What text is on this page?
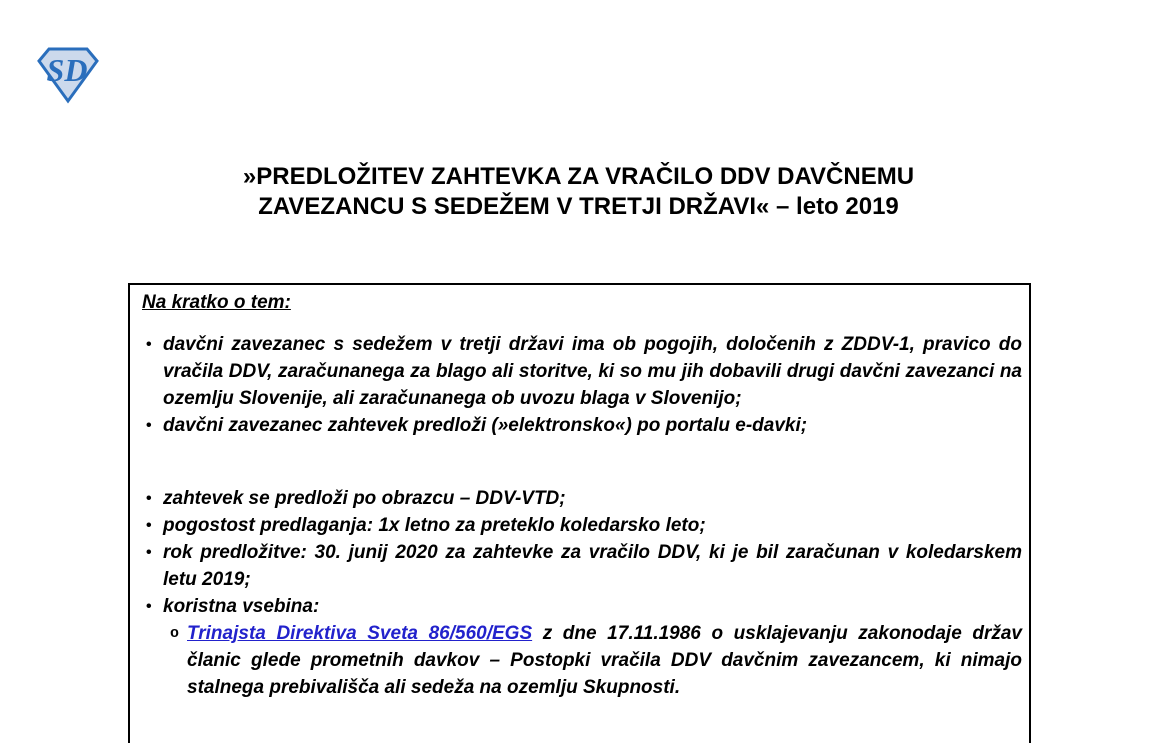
SD
»PREDLOŽITEV ZAHTEVKA ZA VRAČILO DDV DAVČNEMU
ZAVEZANCU S SEDEŽEM V TRETJI DRŽAVI« – leto 2019
Na kratko o tem:
• davčni zavezanec s sedežem v tretji državi ima ob pogojih, določenih z ZDDV-1, pravico do vračila DDV, zaračunanega za blago ali storitve, ki so mu jih dobavili drugi davčni zavezanci na ozemlju Slovenije, ali zaračunanega ob uvozu blaga v Slovenijo;
• davčni zavezanec zahtevek predloži (»elektronsko«) po portalu e-davki;
• zahtevek se predloži po obrazcu – DDV-VTD;
• pogostost predlaganja: 1x letno za preteklo koledarsko leto;
• rok predložitve: 30. junij 2020 za zahtevke za vračilo DDV, ki je bil zaračunan v koledarskem letu 2019;
• koristna vsebina:
o Trinajsta Direktiva Sveta 86/560/EGS z dne 17.11.1986 o usklajevanju zakonodaje držav članic glede prometnih davkov – Postopki vračila DDV davčnim zavezancem, ki nimajo stalnega prebivališča ali sedeža na ozemlju Skupnosti.
